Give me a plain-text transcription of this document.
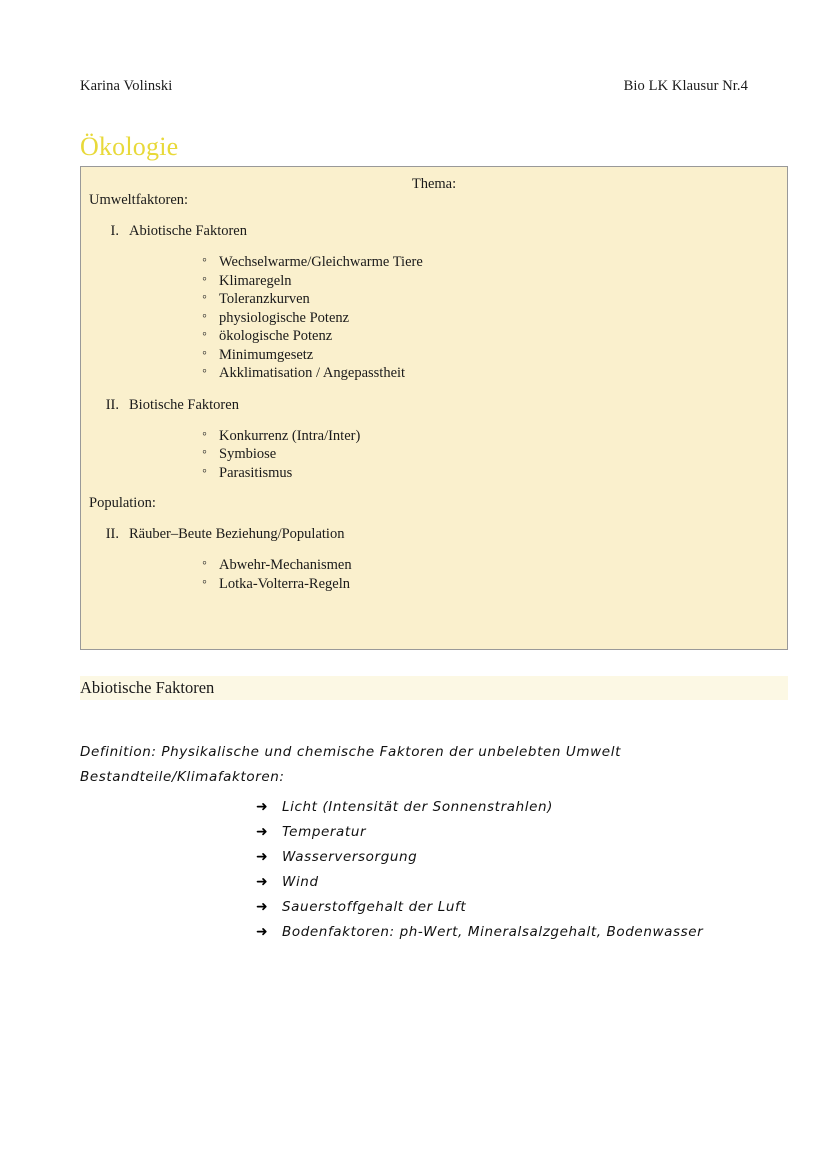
Karina Volinski	Bio LK Klausur Nr.4
Ökologie
Thema:
Umweltfaktoren:
I. Abiotische Faktoren
◦ Wechselwarme/Gleichwarme Tiere
◦ Klimaregeln
◦ Toleranzkurven
◦ physiologische Potenz
◦ ökologische Potenz
◦ Minimumgesetz
◦ Akklimatisation / Angepasstheit
II. Biotische Faktoren
◦ Konkurrenz (Intra/Inter)
◦ Symbiose
◦ Parasitismus
Population:
II. Räuber–Beute Beziehung/Population
◦ Abwehr-Mechanismen
◦ Lotka-Volterra-Regeln
Abiotische Faktoren
Definition: Physikalische und chemische Faktoren der unbelebten Umwelt
Bestandteile/Klimafaktoren:
➜ Licht (Intensität der Sonnenstrahlen)
➜ Temperatur
➜ Wasserversorgung
➜ Wind
➜ Sauerstoffgehalt der Luft
➜ Bodenfaktoren: ph-Wert, Mineralsalzgehalt, Bodenwasser
